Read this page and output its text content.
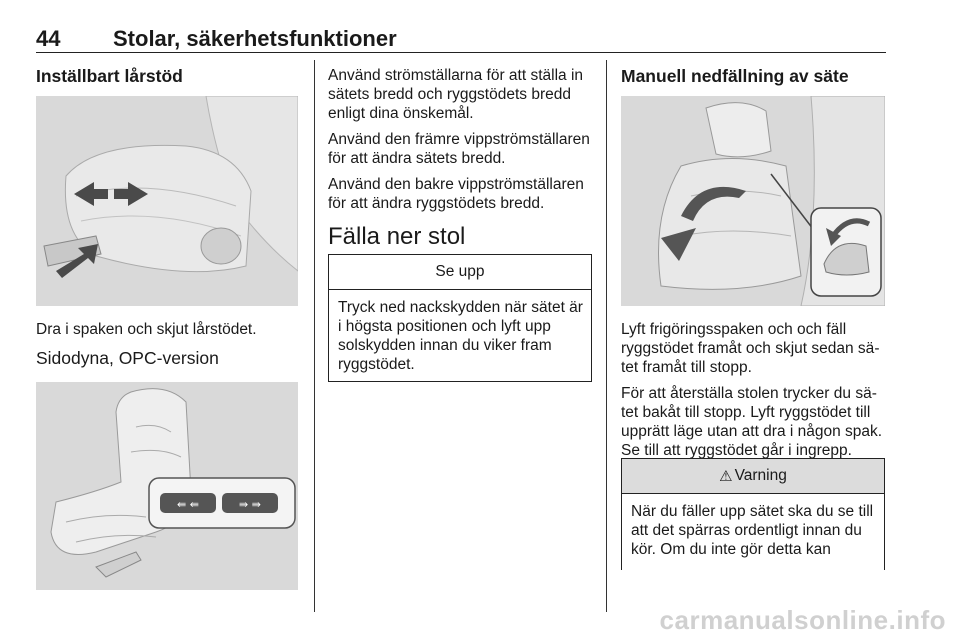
44 Stolar, säkerhetsfunktioner
Inställbart lårstöd
Dra i spaken och skjut lårstödet.
Sidodyna, OPC-version
⇚ ⇚	⇛ ⇛

Använd strömställarna för att ställa in sätets bredd och ryggstödets bredd enligt dina önskemål.

Använd den främre vippströmställaren för att ändra sätets bredd.

Använd den bakre vippströmställaren för att ändra ryggstödets bredd.

Fälla ner stol
Se upp
Tryck ned nackskydden när sätet är i högsta positionen och lyft upp solskydden innan du viker fram ryggstödet.
Manuell nedfällning av säte

Lyft frigöringsspaken och och fäll ryggstödet framåt och skjut sedan sätet framåt till stopp.

För att återställa stolen trycker du sätet bakåt till stopp. Lyft ryggstödet till upprätt läge utan att dra i någon spak. Se till att ryggstödet går i ingrepp.

⚠ Varning
När du fäller upp sätet ska du se till att det spärras ordentligt innan du kör. Om du inte gör detta kan
carmanualsonline.info
